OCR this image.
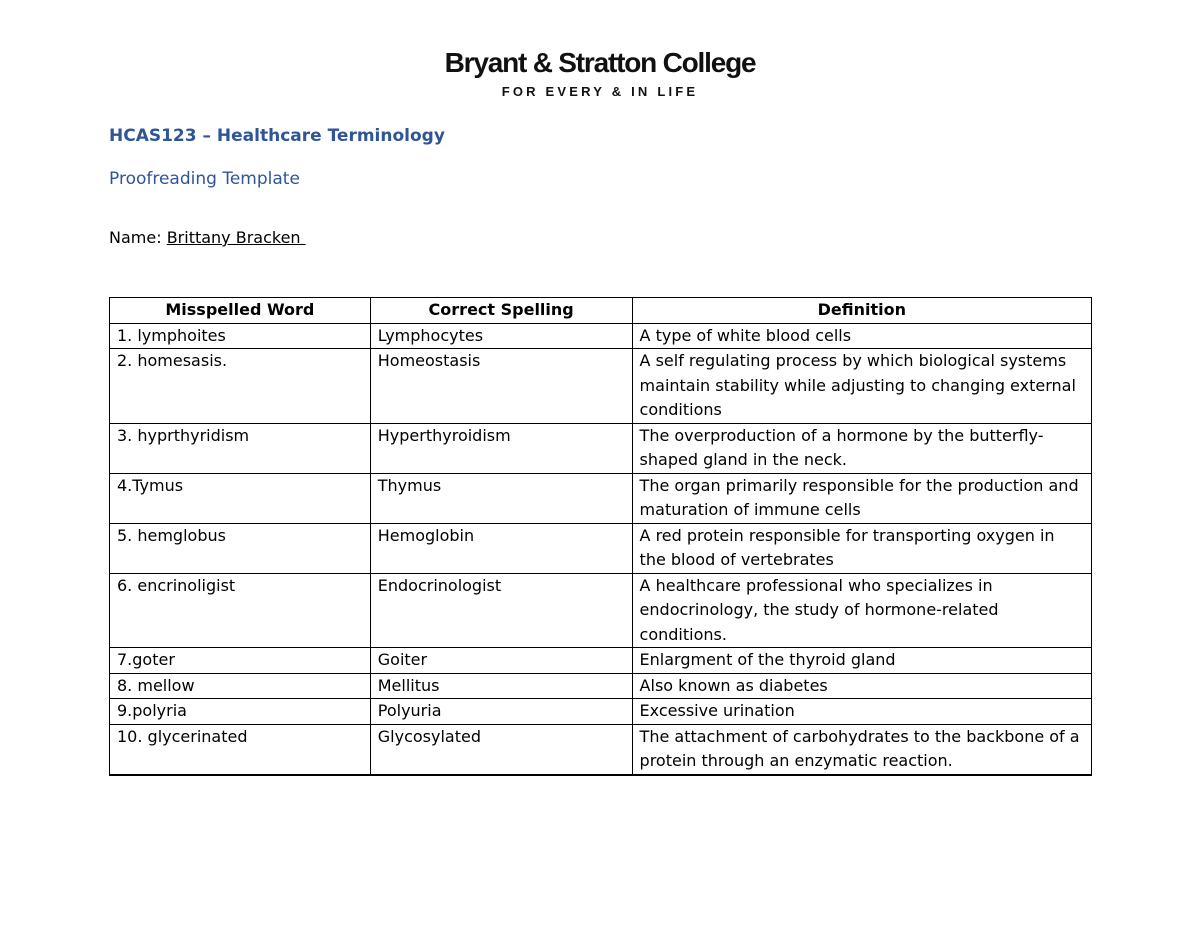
Bryant & Stratton College
FOR EVERY & IN LIFE
HCAS123 – Healthcare Terminology
Proofreading Template
Name: Brittany Bracken
Misspelled Word	Correct Spelling	Definition
1. lymphoites	Lymphocytes	A type of white blood cells
2. homesasis.	Homeostasis	A self regulating process by which biological systems maintain stability while adjusting to changing external conditions
3. hyprthyridism	Hyperthyroidism	The overproduction of a hormone by the butterfly-shaped gland in the neck.
4.Tymus	Thymus	The organ primarily responsible for the production and maturation of immune cells
5. hemglobus	Hemoglobin	A red protein responsible for transporting oxygen in the blood of vertebrates
6. encrinoligist	Endocrinologist	A healthcare professional who specializes in endocrinology, the study of hormone-related conditions.
7.goter	Goiter	Enlargment of the thyroid gland
8. mellow	Mellitus	Also known as diabetes
9.polyria	Polyuria	Excessive urination
10. glycerinated	Glycosylated	The attachment of carbohydrates to the backbone of a protein through an enzymatic reaction.
